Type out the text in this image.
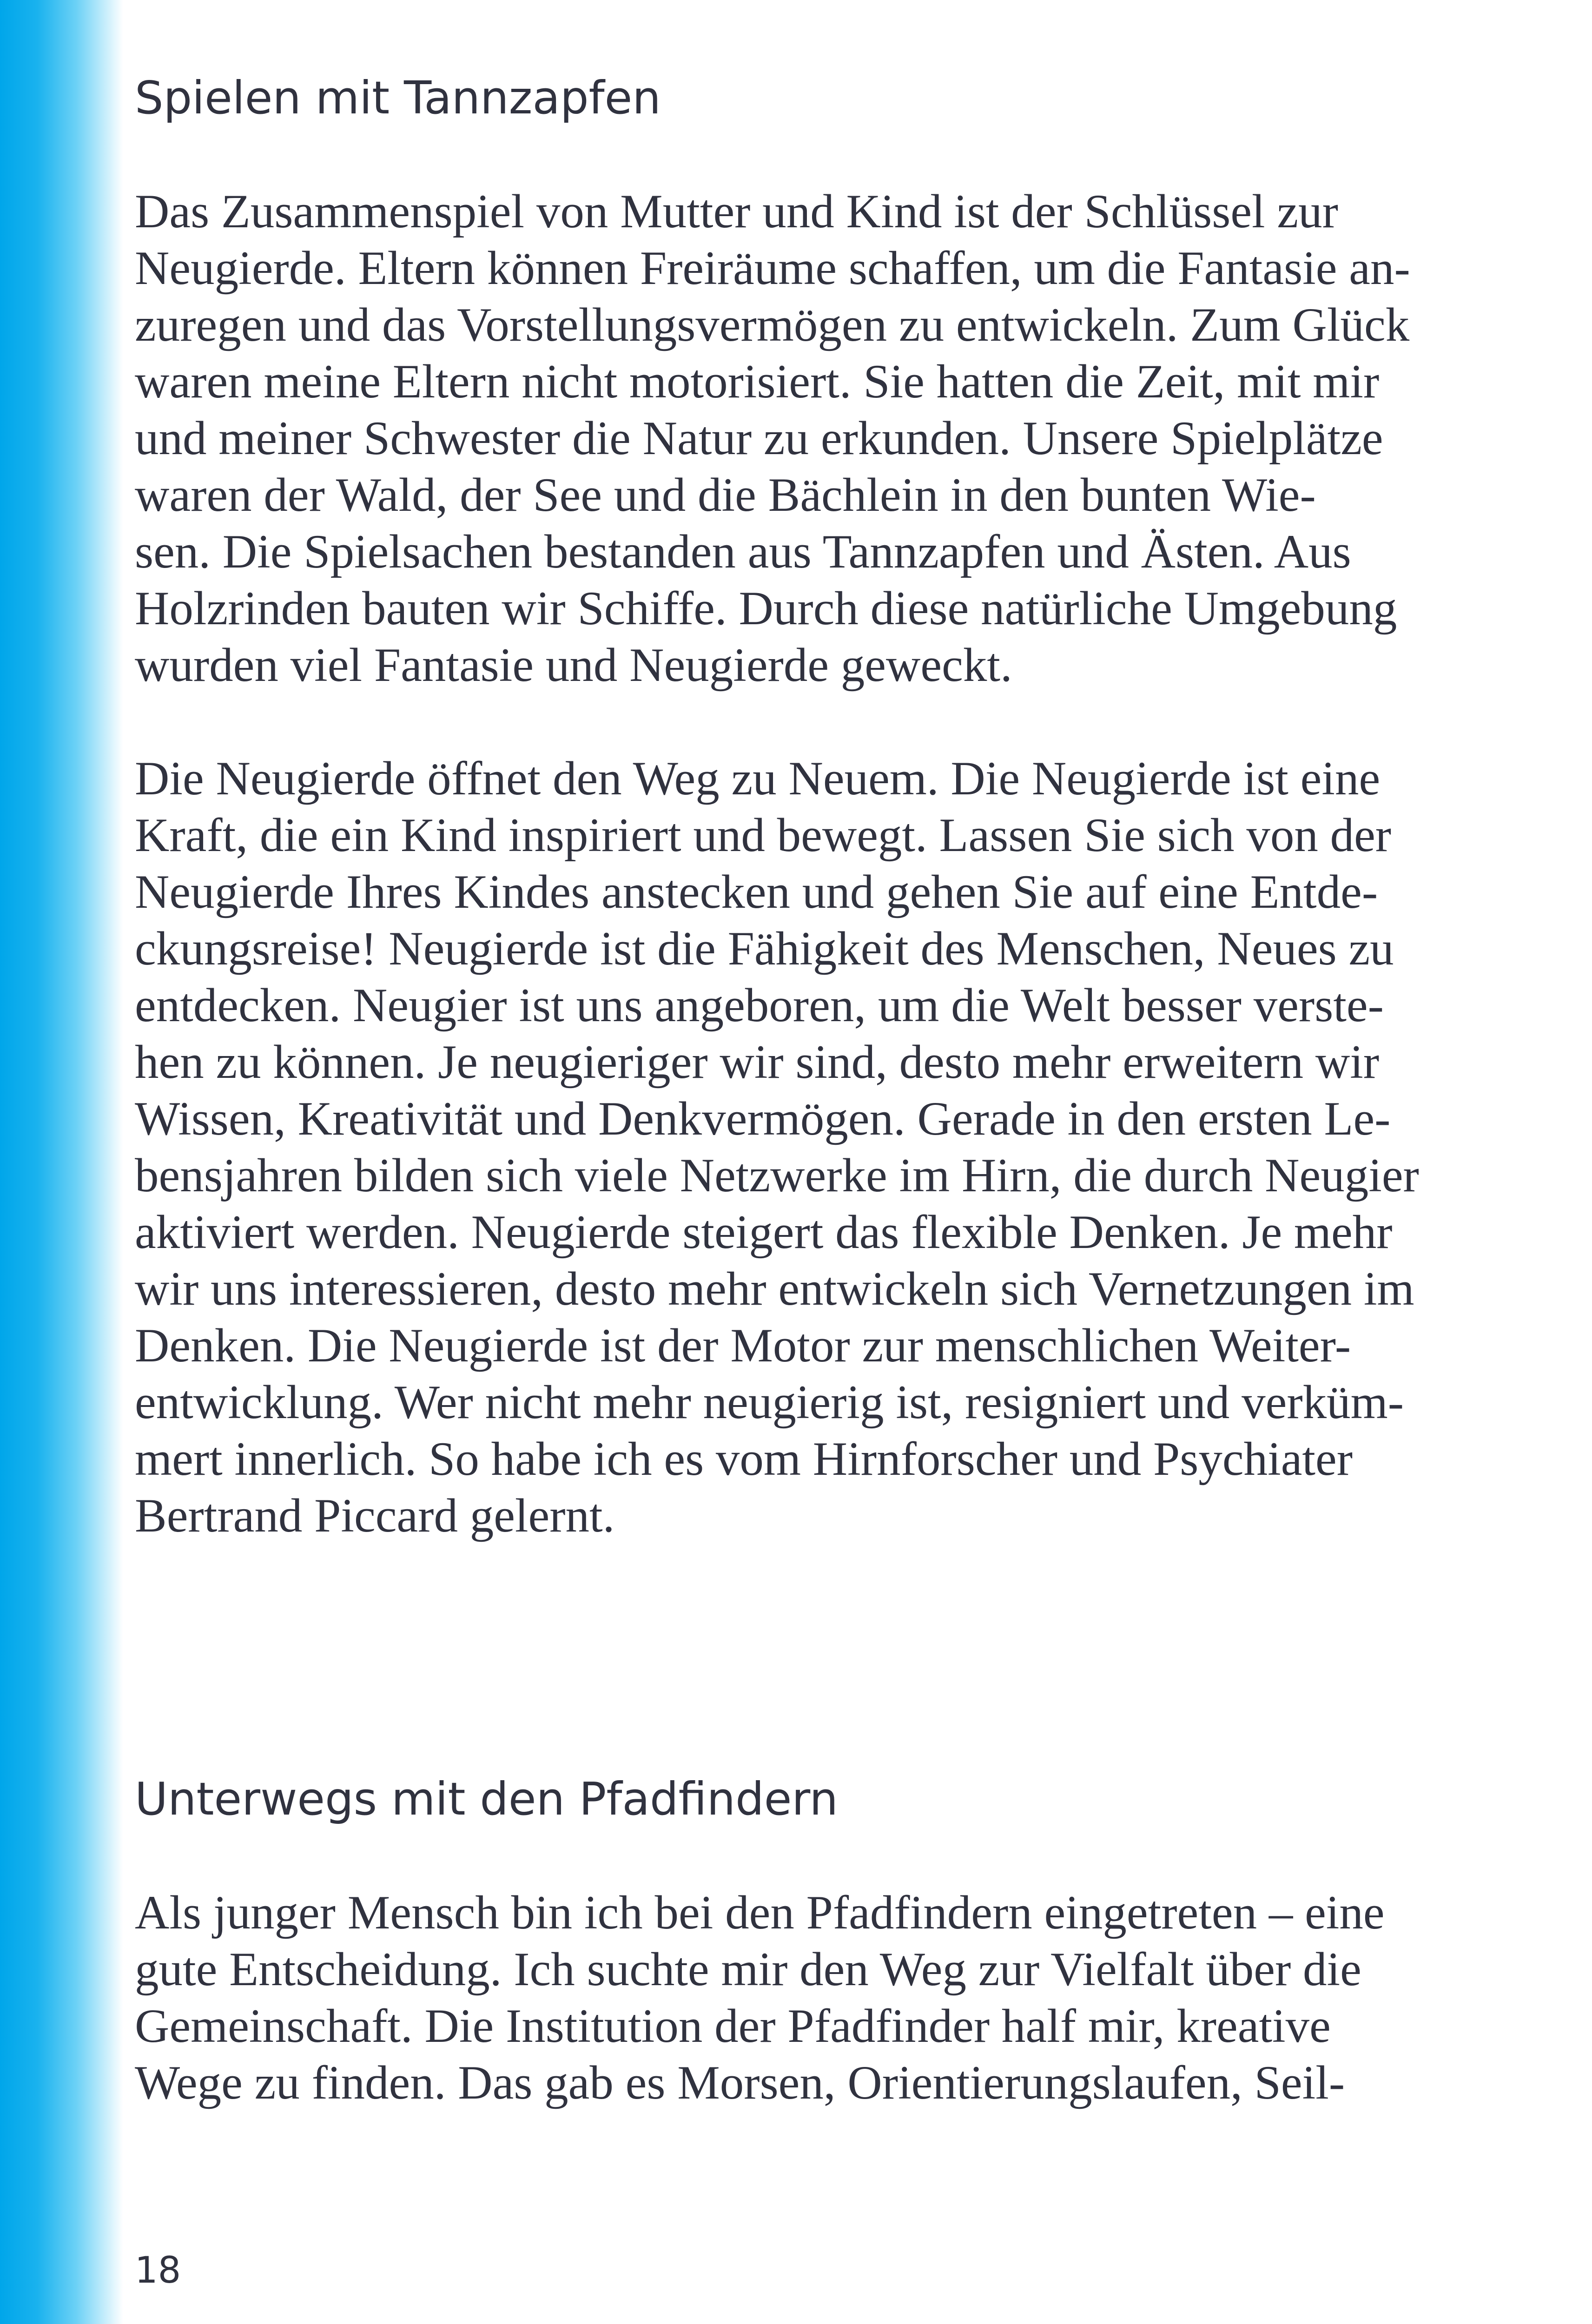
Spielen mit Tannzapfen

Das Zusammenspiel von Mutter und Kind ist der Schlüssel zur
Neugierde. Eltern können Freiräume schaffen, um die Fantasie an-
zuregen und das Vorstellungsvermögen zu entwickeln. Zum Glück
waren meine Eltern nicht motorisiert. Sie hatten die Zeit, mit mir
und meiner Schwester die Natur zu erkunden. Unsere Spielplätze
waren der Wald, der See und die Bächlein in den bunten Wie-
sen. Die Spielsachen bestanden aus Tannzapfen und Ästen. Aus
Holzrinden bauten wir Schiffe. Durch diese natürliche Umgebung
wurden viel Fantasie und Neugierde geweckt.

Die Neugierde öffnet den Weg zu Neuem. Die Neugierde ist eine
Kraft, die ein Kind inspiriert und bewegt. Lassen Sie sich von der
Neugierde Ihres Kindes anstecken und gehen Sie auf eine Entde-
ckungsreise! Neugierde ist die Fähigkeit des Menschen, Neues zu
entdecken. Neugier ist uns angeboren, um die Welt besser verste-
hen zu können. Je neugieriger wir sind, desto mehr erweitern wir
Wissen, Kreativität und Denkvermögen. Gerade in den ersten Le-
bensjahren bilden sich viele Netzwerke im Hirn, die durch Neugier
aktiviert werden. Neugierde steigert das flexible Denken. Je mehr
wir uns interessieren, desto mehr entwickeln sich Vernetzungen im
Denken. Die Neugierde ist der Motor zur menschlichen Weiter-
entwicklung. Wer nicht mehr neugierig ist, resigniert und verküm-
mert innerlich. So habe ich es vom Hirnforscher und Psychiater
Bertrand Piccard gelernt.

Unterwegs mit den Pfadfindern

Als junger Mensch bin ich bei den Pfadfindern eingetreten – eine
gute Entscheidung. Ich suchte mir den Weg zur Vielfalt über die
Gemeinschaft. Die Institution der Pfadfinder half mir, kreative
Wege zu finden. Das gab es Morsen, Orientierungslaufen, Seil-

18
